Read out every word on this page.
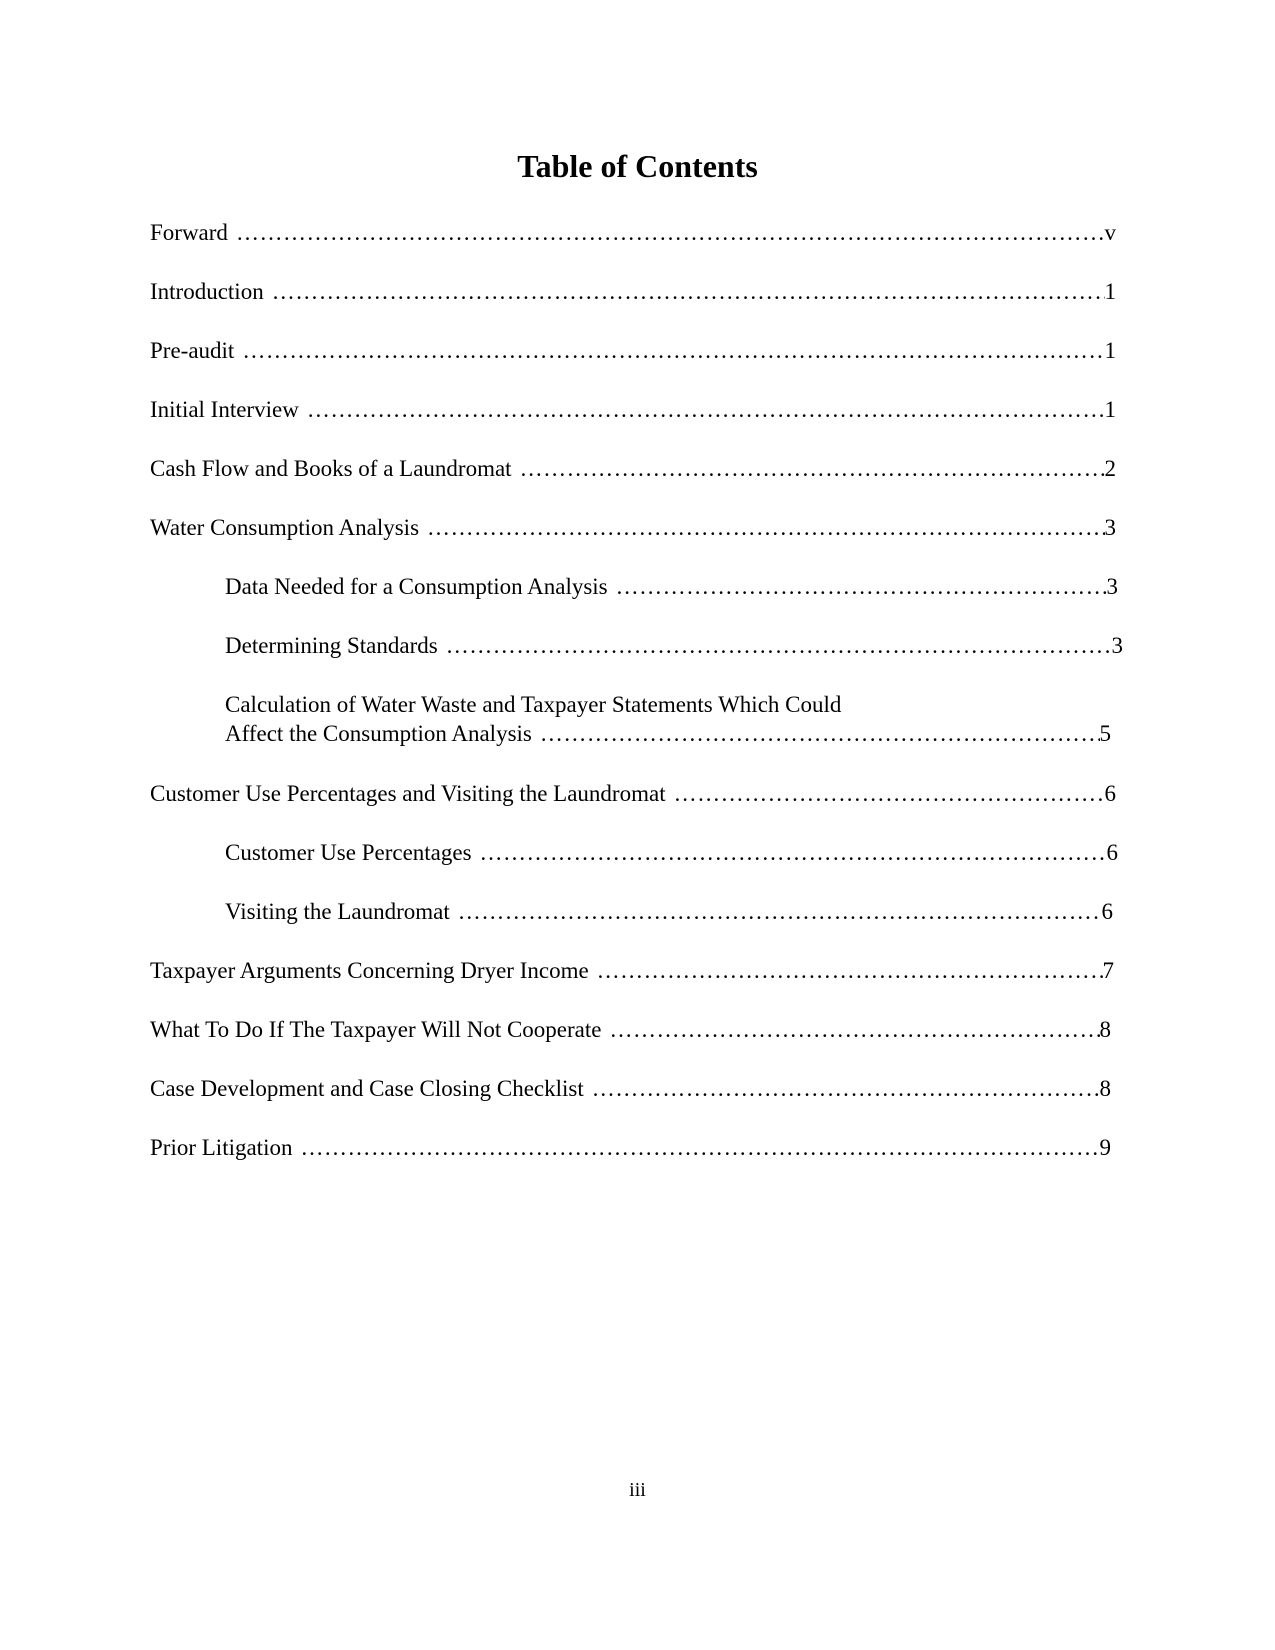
Table of Contents
Forward …………………………………………………………………………………………………………………………………………………………………………………………………………………	v
Introduction …………………………………………………………………………………………………………………………………………………………………………………………………………………	1
Pre-audit …………………………………………………………………………………………………………………………………………………………………………………………………………………	1
Initial Interview …………………………………………………………………………………………………………………………………………………………………………………………………………………	1
Cash Flow and Books of a Laundromat …………………………………………………………………………………………………………………………………………………………………………………………………………………	2
Water Consumption Analysis …………………………………………………………………………………………………………………………………………………………………………………………………………………	3
Data Needed for a Consumption Analysis …………………………………………………………………………………………………………………………………………………………………………………………………………………	3
Determining Standards …………………………………………………………………………………………………………………………………………………………………………………………………………………	3
Calculation of Water Waste and Taxpayer Statements Which Could
Affect the Consumption Analysis …………………………………………………………………………………………………………………………………………………………………………………………………………………	5
Customer Use Percentages and Visiting the Laundromat …………………………………………………………………………………………………………………………………………………………………………………………………………………	6
Customer Use Percentages …………………………………………………………………………………………………………………………………………………………………………………………………………………	6
Visiting the Laundromat …………………………………………………………………………………………………………………………………………………………………………………………………………………	6
Taxpayer Arguments Concerning Dryer Income …………………………………………………………………………………………………………………………………………………………………………………………………………………	7
What To Do If The Taxpayer Will Not Cooperate …………………………………………………………………………………………………………………………………………………………………………………………………………………	8
Case Development and Case Closing Checklist …………………………………………………………………………………………………………………………………………………………………………………………………………………	8
Prior Litigation …………………………………………………………………………………………………………………………………………………………………………………………………………………	9
iii
